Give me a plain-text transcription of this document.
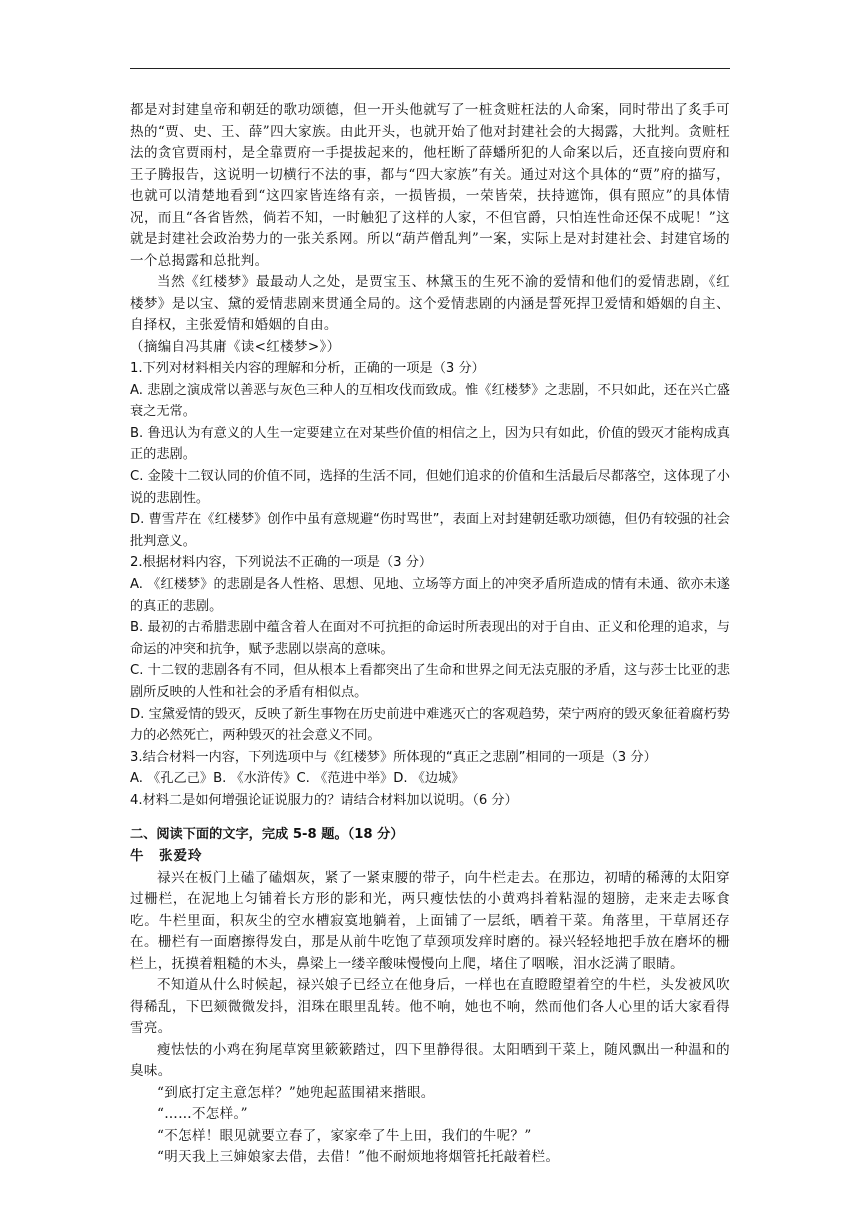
都是对封建皇帝和朝廷的歌功颂德，但一开头他就写了一桩贪赃枉法的人命案，同时带出了炙手可热的“贾、史、王、薛”四大家族。由此开头，也就开始了他对封建社会的大揭露，大批判。贪赃枉法的贪官贾雨村，是全靠贾府一手提拔起来的，他枉断了薛蟠所犯的人命案以后，还直接向贾府和王子腾报告，这说明一切横行不法的事，都与“四大家族”有关。通过对这个具体的“贾”府的描写，也就可以清楚地看到“这四家皆连络有亲，一损皆损，一荣皆荣，扶持遮饰，俱有照应”的具体情况，而且“各省皆然，倘若不知，一时触犯了这样的人家，不但官爵，只怕连性命还保不成呢！”这就是封建社会政治势力的一张关系网。所以“葫芦僧乱判”一案，实际上是对封建社会、封建官场的一个总揭露和总批判。

当然《红楼梦》最最动人之处，是贾宝玉、林黛玉的生死不渝的爱情和他们的爱情悲剧，《红楼梦》是以宝、黛的爱情悲剧来贯通全局的。这个爱情悲剧的内涵是誓死捍卫爱情和婚姻的自主、自择权，主张爱情和婚姻的自由。

（摘编自冯其庸《读<红楼梦>》）

1.下列对材料相关内容的理解和分析，正确的一项是（3 分）

A. 悲剧之演成常以善恶与灰色三种人的互相攻伐而致成。惟《红楼梦》之悲剧，不只如此，还在兴亡盛衰之无常。

B. 鲁迅认为有意义的人生一定要建立在对某些价值的相信之上，因为只有如此，价值的毁灭才能构成真正的悲剧。

C. 金陵十二钗认同的价值不同，选择的生活不同，但她们追求的价值和生活最后尽都落空，这体现了小说的悲剧性。

D. 曹雪芹在《红楼梦》创作中虽有意规避“伤时骂世”，表面上对封建朝廷歌功颂德，但仍有较强的社会批判意义。

2.根据材料内容，下列说法不正确的一项是（3 分）

A. 《红楼梦》的悲剧是各人性格、思想、见地、立场等方面上的冲突矛盾所造成的情有未通、欲亦未遂的真正的悲剧。

B. 最初的古希腊悲剧中蕴含着人在面对不可抗拒的命运时所表现出的对于自由、正义和伦理的追求，与命运的冲突和抗争，赋予悲剧以崇高的意味。

C. 十二钗的悲剧各有不同，但从根本上看都突出了生命和世界之间无法克服的矛盾，这与莎士比亚的悲剧所反映的人性和社会的矛盾有相似点。

D. 宝黛爱情的毁灭，反映了新生事物在历史前进中难逃灭亡的客观趋势，荣宁两府的毁灭象征着腐朽势力的必然死亡，两种毁灭的社会意义不同。

3.结合材料一内容，下列选项中与《红楼梦》所体现的“真正之悲剧”相同的一项是（3 分）

A. 《孔乙己》B. 《水浒传》C. 《范进中举》D. 《边城》

4.材料二是如何增强论证说服力的？请结合材料加以说明。（6 分）

二、阅读下面的文字，完成 5-8 题。（18 分）

牛　张爱玲

禄兴在板门上磕了磕烟灰，紧了一紧束腰的带子，向牛栏走去。在那边，初晴的稀薄的太阳穿过栅栏，在泥地上匀铺着长方形的影和光，两只瘦怯怯的小黄鸡抖着粘湿的翅膀，走来走去啄食吃。牛栏里面，积灰尘的空水槽寂寞地躺着，上面铺了一层纸，晒着干菜。角落里，干草屑还存在。栅栏有一面磨擦得发白，那是从前牛吃饱了草颈项发痒时磨的。禄兴轻轻地把手放在磨坏的栅栏上，抚摸着粗糙的木头，鼻梁上一缕辛酸味慢慢向上爬，堵住了咽喉，泪水泛满了眼睛。

不知道从什么时候起，禄兴娘子已经立在他身后，一样也在直瞪瞪望着空的牛栏，头发被风吹得稀乱，下巴颏微微发抖，泪珠在眼里乱转。他不响，她也不响，然而他们各人心里的话大家看得雪亮。

瘦怯怯的小鸡在狗尾草窝里簌簌踏过，四下里静得很。太阳晒到干菜上，随风飘出一种温和的臭味。

“到底打定主意怎样？”她兜起蓝围裙来揩眼。

“……不怎样。”

“不怎样！眼见就要立春了，家家牵了牛上田，我们的牛呢？”

“明天我上三婶娘家去借，去借！”他不耐烦地将烟管托托敲着栏。
